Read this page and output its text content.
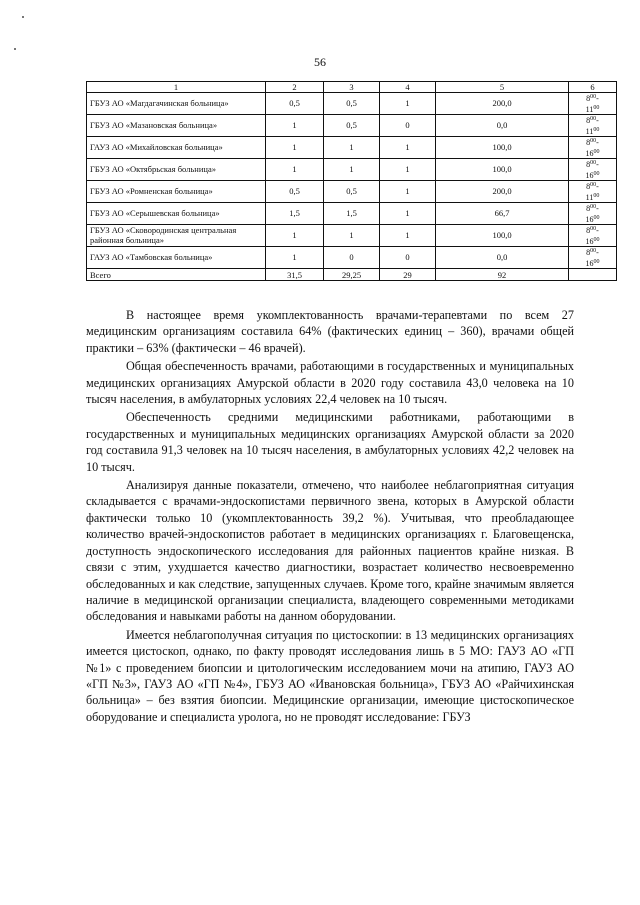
56
1	2	3	4	5	6
ГБУЗ АО «Магдагачинская больница»	0,5	0,5	1	200,0	$8^{00}-$
$11^{00}$
ГБУЗ АО «Мазановская больница»	1	0,5	0	0,0	$8^{00}-$
$11^{00}$
ГАУЗ АО «Михайловская больница»	1	1	1	100,0	$8^{00}-$
$16^{00}$
ГБУЗ АО «Октябрьская больница»	1	1	1	100,0	$8^{00}-$
$16^{00}$
ГБУЗ АО «Ромненская больница»	0,5	0,5	1	200,0	$8^{00}-$
$11^{00}$
ГБУЗ АО «Серышевская больница»	1,5	1,5	1	66,7	$8^{00}-$
$16^{00}$
ГБУЗ АО «Сковородинская центральная районная больница»	1	1	1	100,0	$8^{00}-$
$16^{00}$
ГАУЗ АО «Тамбовская больница»	1	0	0	0,0	$8^{00}-$
$16^{00}$
Всего	31,5	29,25	29	92	

В настоящее время укомплектованность врачами-терапевтами по всем 27 медицинским организациям составила 64% (фактических единиц – 360), врачами общей практики – 63% (фактически – 46 врачей).

Общая обеспеченность врачами, работающими в государственных и муниципальных медицинских организациях Амурской области в 2020 году составила 43,0 человека на 10 тысяч населения, в амбулаторных условиях 22,4 человек на 10 тысяч.

Обеспеченность средними медицинскими работниками, работающими в государственных и муниципальных медицинских организациях Амурской области за 2020 год составила 91,3 человек на 10 тысяч населения, в амбулаторных условиях 42,2 человек на 10 тысяч.

Анализируя данные показатели, отмечено, что наиболее неблагоприятная ситуация складывается с врачами-эндоскопистами первичного звена, которых в Амурской области фактически только 10 (укомплектованность 39,2 %). Учитывая, что преобладающее количество врачей-эндоскопистов работает в медицинских организациях г. Благовещенска, доступность эндоскопического исследования для районных пациентов крайне низкая. В связи с этим, ухудшается качество диагностики, возрастает количество несвоевременно обследованных и как следствие, запущенных случаев. Кроме того, крайне значимым является наличие в медицинской организации специалиста, владеющего современными методиками обследования и навыками работы на данном оборудовании.

Имеется неблагополучная ситуация по цистоскопии: в 13 медицинских организациях имеется цистоскоп, однако, по факту проводят исследования лишь в 5 МО: ГАУЗ АО «ГП №1» с проведением биопсии и цитологическим исследованием мочи на атипию, ГАУЗ АО «ГП №3», ГАУЗ АО «ГП №4», ГБУЗ АО «Ивановская больница», ГБУЗ АО «Райчихинская больница» – без взятия биопсии. Медицинские организации, имеющие цистоскопическое оборудование и специалиста уролога, но не проводят исследование: ГБУЗ
